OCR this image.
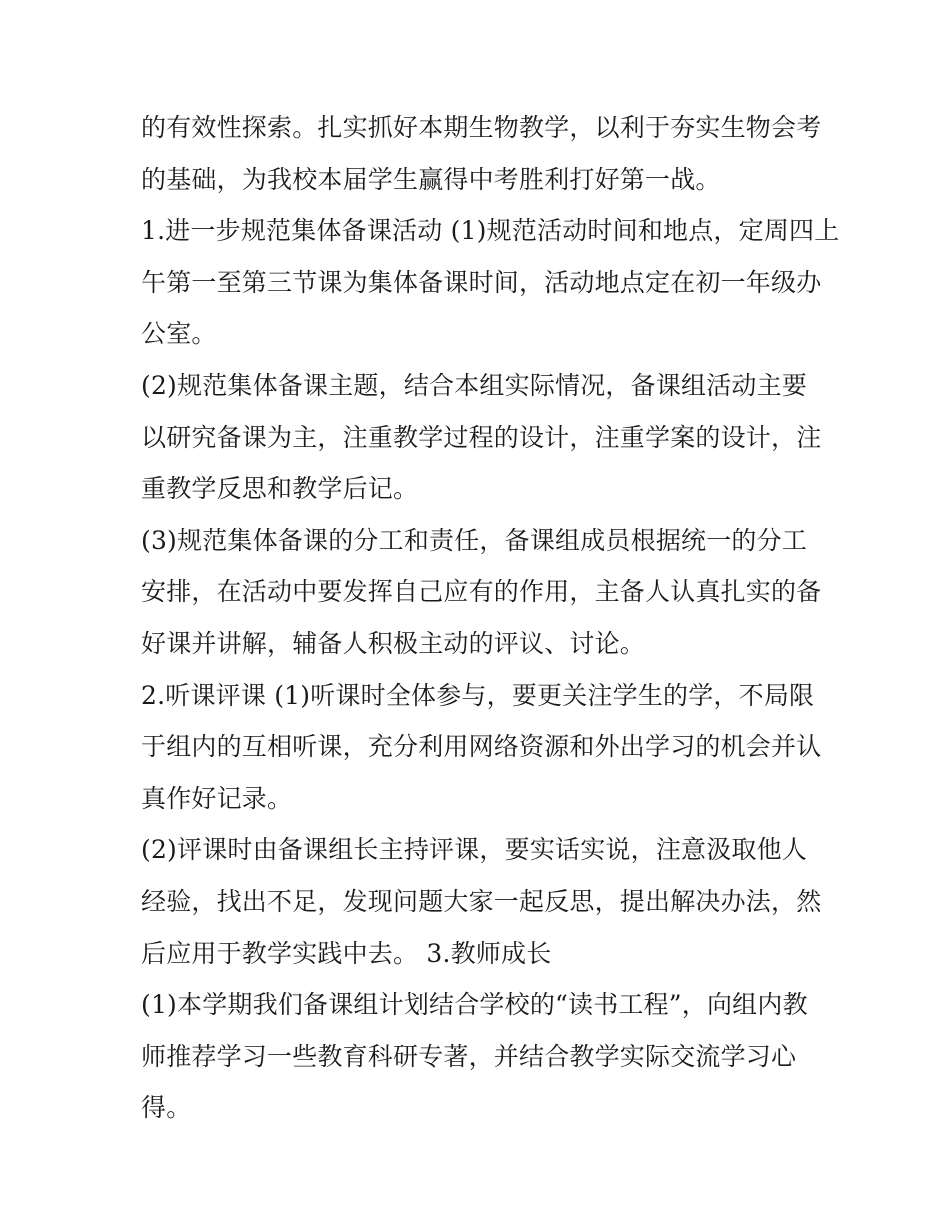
的有效性探索。扎实抓好本期生物教学，以利于夯实生物会考
的基础，为我校本届学生赢得中考胜利打好第一战。

1.进一步规范集体备课活动 (1)规范活动时间和地点，定周四上
午第一至第三节课为集体备课时间，活动地点定在初一年级办
公室。

(2)规范集体备课主题，结合本组实际情况，备课组活动主要
以研究备课为主，注重教学过程的设计，注重学案的设计，注
重教学反思和教学后记。

(3)规范集体备课的分工和责任，备课组成员根据统一的分工
安排，在活动中要发挥自己应有的作用，主备人认真扎实的备
好课并讲解，辅备人积极主动的评议、讨论。

2.听课评课 (1)听课时全体参与，要更关注学生的学，不局限
于组内的互相听课，充分利用网络资源和外出学习的机会并认
真作好记录。

(2)评课时由备课组长主持评课，要实话实说，注意汲取他人
经验，找出不足，发现问题大家一起反思，提出解决办法，然
后应用于教学实践中去。 3.教师成长

(1)本学期我们备课组计划结合学校的“读书工程”，向组内教
师推荐学习一些教育科研专著，并结合教学实际交流学习心
得。
